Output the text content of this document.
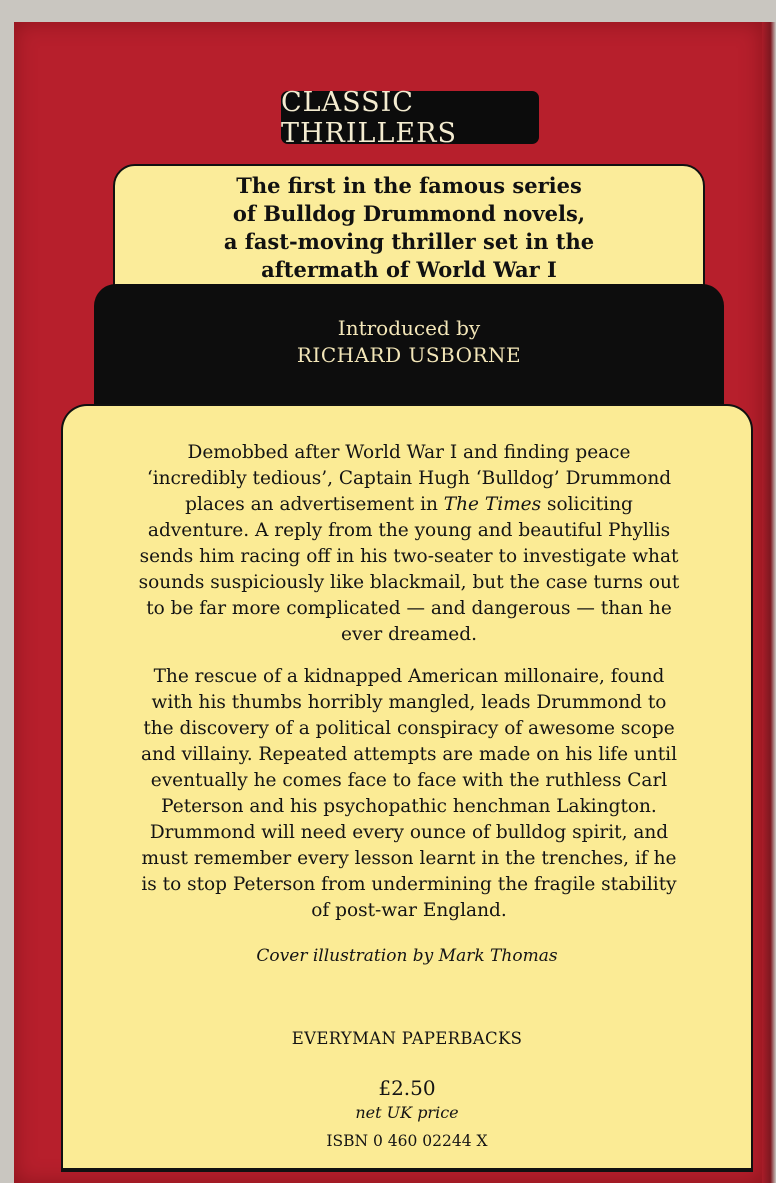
CLASSIC THRILLERS

The first in the famous series
of Bulldog Drummond novels,
a fast-moving thriller set in the
aftermath of World War I

Introduced by
RICHARD USBORNE

Demobbed after World War I and finding peace
‘incredibly tedious’, Captain Hugh ‘Bulldog’ Drummond
places an advertisement in The Times soliciting
adventure. A reply from the young and beautiful Phyllis
sends him racing off in his two-seater to investigate what
sounds suspiciously like blackmail, but the case turns out
to be far more complicated — and dangerous — than he
ever dreamed.

The rescue of a kidnapped American millonaire, found
with his thumbs horribly mangled, leads Drummond to
the discovery of a political conspiracy of awesome scope
and villainy. Repeated attempts are made on his life until
eventually he comes face to face with the ruthless Carl
Peterson and his psychopathic henchman Lakington.
Drummond will need every ounce of bulldog spirit, and
must remember every lesson learnt in the trenches, if he
is to stop Peterson from undermining the fragile stability
of post-war England.

Cover illustration by Mark Thomas
EVERYMAN PAPERBACKS
£2.50
net UK price
ISBN 0 460 02244 X
